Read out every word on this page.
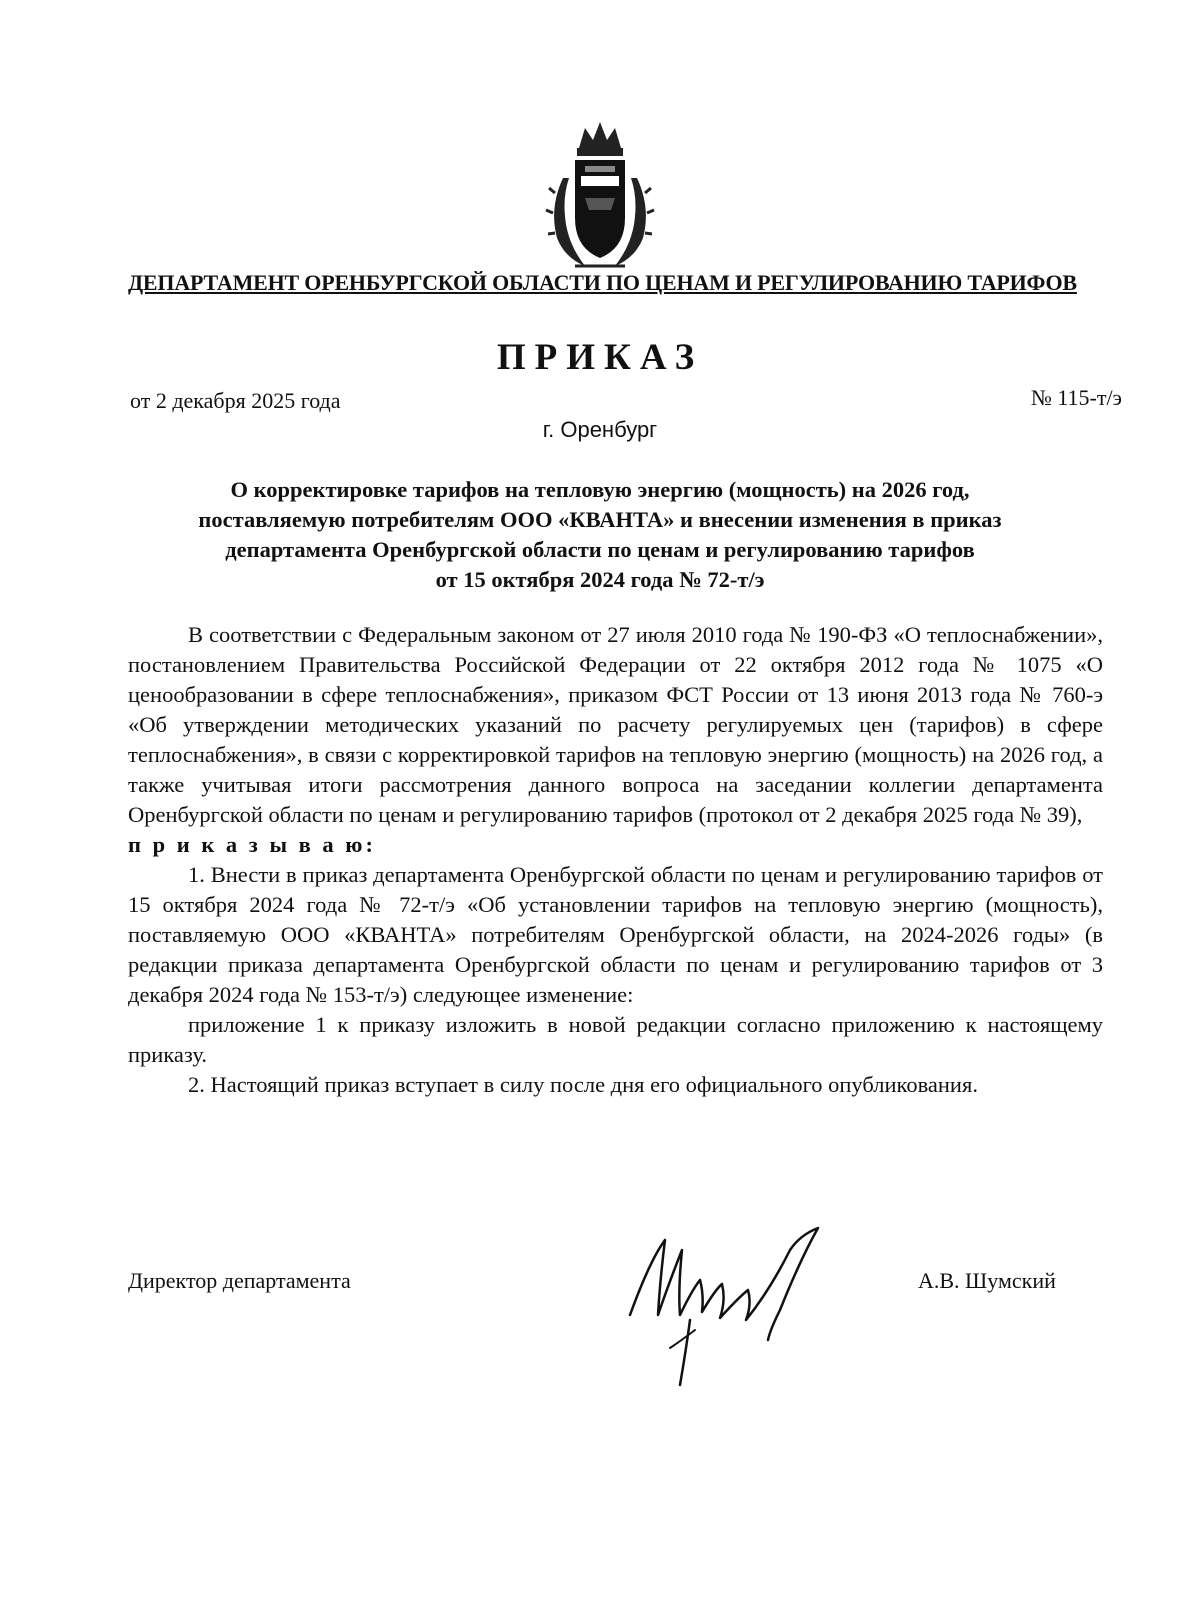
ДЕПАРТАМЕНТ ОРЕНБУРГСКОЙ ОБЛАСТИ ПО ЦЕНАМ И РЕГУЛИРОВАНИЮ ТАРИФОВ
ПРИКАЗ
от 2 декабря 2025 года	№ 115-т/э
г. Оренбург
О корректировке тарифов на тепловую энергию (мощность) на 2026 год,
поставляемую потребителям ООО «КВАНТА» и внесении изменения в приказ
департамента Оренбургской области по ценам и регулированию тарифов
от 15 октября 2024 года № 72-т/э

В соответствии с Федеральным законом от 27 июля 2010 года № 190-ФЗ «О теплоснабжении», постановлением Правительства Российской Федерации от 22 октября 2012 года № 1075 «О ценообразовании в сфере теплоснабжения», приказом ФСТ России от 13 июня 2013 года № 760-э «Об утверждении методических указаний по расчету регулируемых цен (тарифов) в сфере теплоснабжения», в связи с корректировкой тарифов на тепловую энергию (мощность) на 2026 год, а также учитывая итоги рассмотрения данного вопроса на заседании коллегии департамента Оренбургской области по ценам и регулированию тарифов (протокол от 2 декабря 2025 года № 39),

п р и к а з ы в а ю:

1. Внести в приказ департамента Оренбургской области по ценам и регулированию тарифов от 15 октября 2024 года № 72-т/э «Об установлении тарифов на тепловую энергию (мощность), поставляемую ООО «КВАНТА» потребителям Оренбургской области, на 2024-2026 годы» (в редакции приказа департамента Оренбургской области по ценам и регулированию тарифов от 3 декабря 2024 года № 153-т/э) следующее изменение:

приложение 1 к приказу изложить в новой редакции согласно приложению к настоящему приказу.

2. Настоящий приказ вступает в силу после дня его официального опубликования.

Директор департамента	А.В. Шумский
